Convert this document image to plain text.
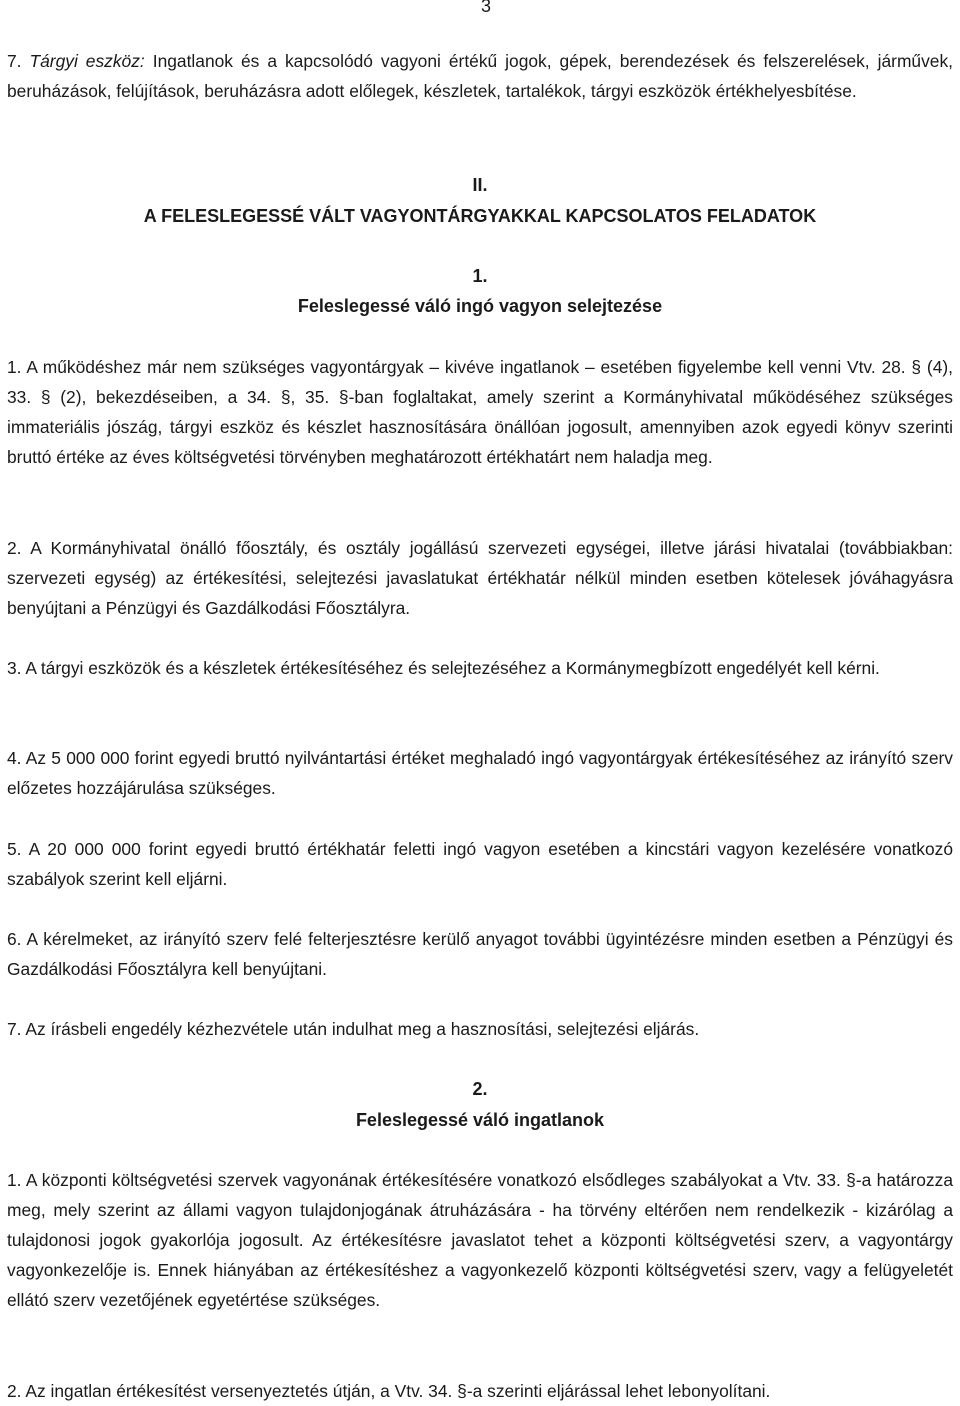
3
7. Tárgyi eszköz: Ingatlanok és a kapcsolódó vagyoni értékű jogok, gépek, berendezések és felszerelések, járművek, beruházások, felújítások, beruházásra adott előlegek, készletek, tartalékok, tárgyi eszközök értékhelyesbítése.
II.
A FELESLEGESSÉ VÁLT VAGYONTÁRGYAKKAL KAPCSOLATOS FELADATOK
1.
Feleslegessé váló ingó vagyon selejtezése
1. A működéshez már nem szükséges vagyontárgyak – kivéve ingatlanok – esetében figyelembe kell venni Vtv. 28. § (4), 33. § (2), bekezdéseiben, a 34. §, 35. §-ban foglaltakat, amely szerint a Kormányhivatal működéséhez szükséges immateriális jószág, tárgyi eszköz és készlet hasznosítására önállóan jogosult, amennyiben azok egyedi könyv szerinti bruttó értéke az éves költségvetési törvényben meghatározott értékhatárt nem haladja meg.
2. A Kormányhivatal önálló főosztály, és osztály jogállású szervezeti egységei, illetve járási hivatalai (továbbiakban: szervezeti egység) az értékesítési, selejtezési javaslatukat értékhatár nélkül minden esetben kötelesek jóváhagyásra benyújtani a Pénzügyi és Gazdálkodási Főosztályra.
3. A tárgyi eszközök és a készletek értékesítéséhez és selejtezéséhez a Kormánymegbízott engedélyét kell kérni.
4. Az 5 000 000 forint egyedi bruttó nyilvántartási értéket meghaladó ingó vagyontárgyak értékesítéséhez az irányító szerv előzetes hozzájárulása szükséges.
5. A 20 000 000 forint egyedi bruttó értékhatár feletti ingó vagyon esetében a kincstári vagyon kezelésére vonatkozó szabályok szerint kell eljárni.
6. A kérelmeket, az irányító szerv felé felterjesztésre kerülő anyagot további ügyintézésre minden esetben a Pénzügyi és Gazdálkodási Főosztályra kell benyújtani.
7. Az írásbeli engedély kézhezvétele után indulhat meg a hasznosítási, selejtezési eljárás.
2.
Feleslegessé váló ingatlanok
1. A központi költségvetési szervek vagyonának értékesítésére vonatkozó elsődleges szabályokat a Vtv. 33. §-a határozza meg, mely szerint az állami vagyon tulajdonjogának átruházására - ha törvény eltérően nem rendelkezik - kizárólag a tulajdonosi jogok gyakorlója jogosult. Az értékesítésre javaslatot tehet a központi költségvetési szerv, a vagyontárgy vagyonkezelője is. Ennek hiányában az értékesítéshez a vagyonkezelő központi költségvetési szerv, vagy a felügyeletét ellátó szerv vezetőjének egyetértése szükséges.
2. Az ingatlan értékesítést versenyeztetés útján, a Vtv. 34. §-a szerinti eljárással lehet lebonyolítani.
